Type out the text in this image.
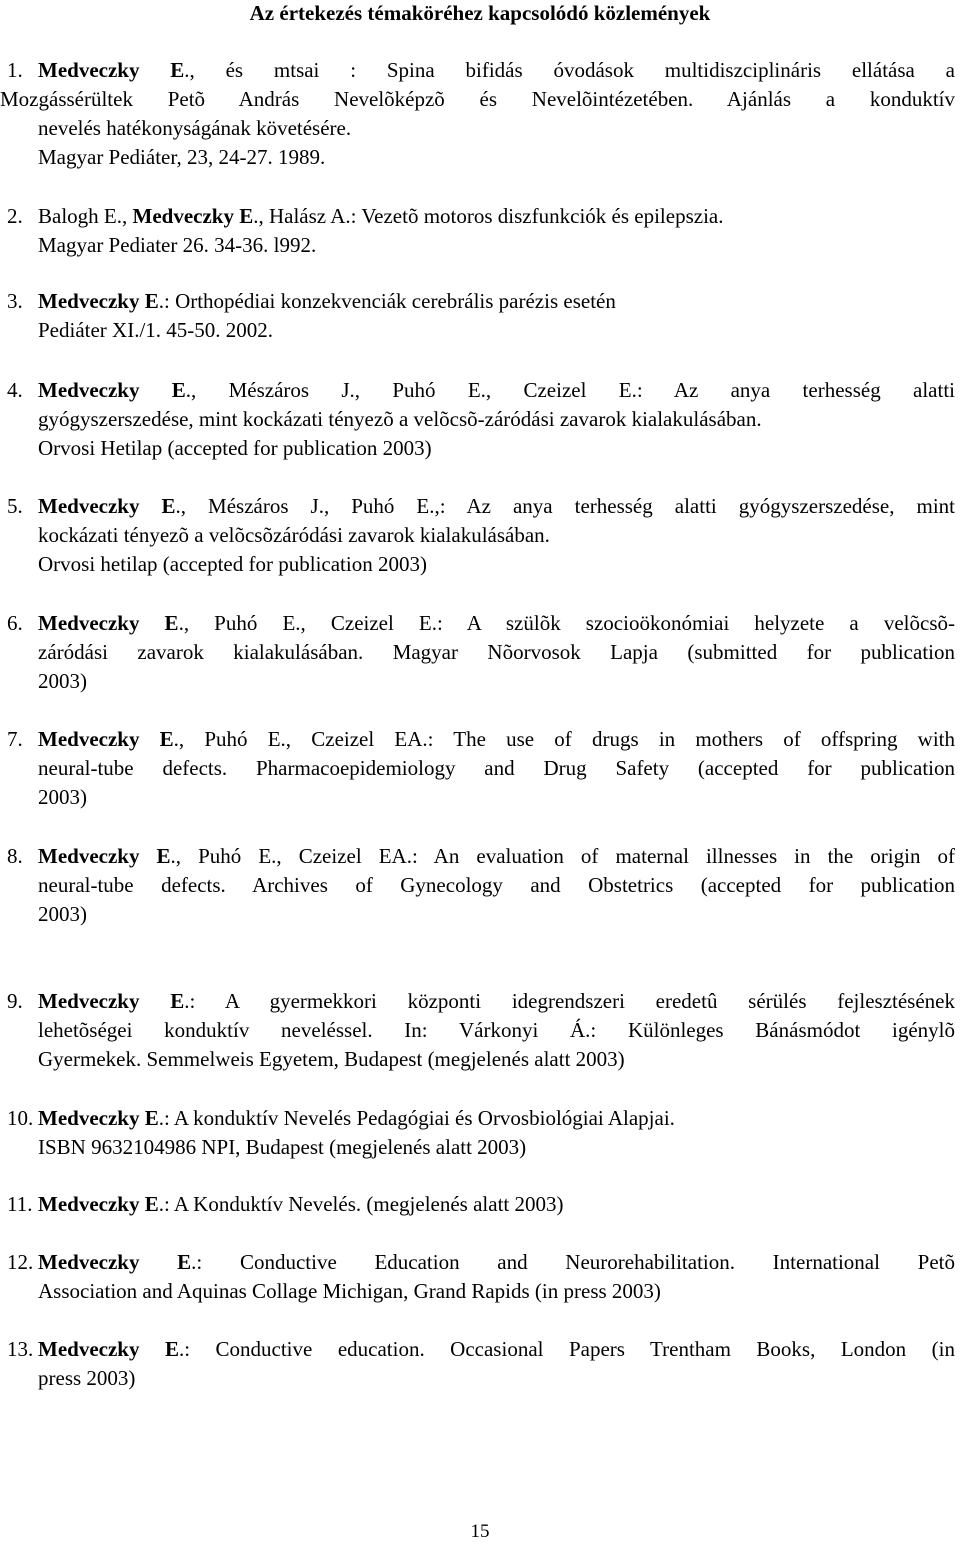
Az értekezés témaköréhez kapcsolódó közlemények
1. Medveczky E., és mtsai : Spina bifidás óvodások multidiszciplináris ellátása a
Mozgássérültek Petõ András Nevelõképzõ és Nevelõintézetében. Ajánlás a konduktív
nevelés hatékonyságának követésére.
Magyar Pediáter, 23, 24-27. 1989.
2. Balogh E., Medveczky E., Halász A.: Vezetõ motoros diszfunkciók és epilepszia.
Magyar Pediater 26. 34-36. l992.
3. Medveczky E.: Orthopédiai konzekvenciák cerebrális parézis esetén
Pediáter XI./1. 45-50. 2002.
4. Medveczky E., Mészáros J., Puhó E., Czeizel E.: Az anya terhesség alatti
gyógyszerszedése, mint kockázati tényezõ a velõcsõ-záródási zavarok kialakulásában.
Orvosi Hetilap (accepted for publication 2003)
5. Medveczky E., Mészáros J., Puhó E.,: Az anya terhesség alatti gyógyszerszedése, mint
kockázati tényezõ a velõcsõzáródási zavarok kialakulásában.
Orvosi hetilap (accepted for publication 2003)
6. Medveczky E., Puhó E., Czeizel E.: A szülõk szocioökonómiai helyzete a velõcsõ-
záródási zavarok kialakulásában. Magyar Nõorvosok Lapja (submitted for publication
2003)
7. Medveczky E., Puhó E., Czeizel EA.: The use of drugs in mothers of offspring with
neural-tube defects. Pharmacoepidemiology and Drug Safety (accepted for publication
2003)
8. Medveczky E., Puhó E., Czeizel EA.: An evaluation of maternal illnesses in the origin of
neural-tube defects. Archives of Gynecology and Obstetrics (accepted for publication
2003)
9. Medveczky E.: A gyermekkori központi idegrendszeri eredetû sérülés fejlesztésének
lehetõségei konduktív neveléssel. In: Várkonyi Á.: Különleges Bánásmódot igénylõ
Gyermekek. Semmelweis Egyetem, Budapest (megjelenés alatt 2003)
10. Medveczky E.: A konduktív Nevelés Pedagógiai és Orvosbiológiai Alapjai.
ISBN 9632104986 NPI, Budapest (megjelenés alatt 2003)
11. Medveczky E.: A Konduktív Nevelés. (megjelenés alatt 2003)
12. Medveczky E.: Conductive Education and Neurorehabilitation. International Petõ
Association and Aquinas Collage Michigan, Grand Rapids (in press 2003)
13. Medveczky E.: Conductive education. Occasional Papers Trentham Books, London (in
press 2003)
15
